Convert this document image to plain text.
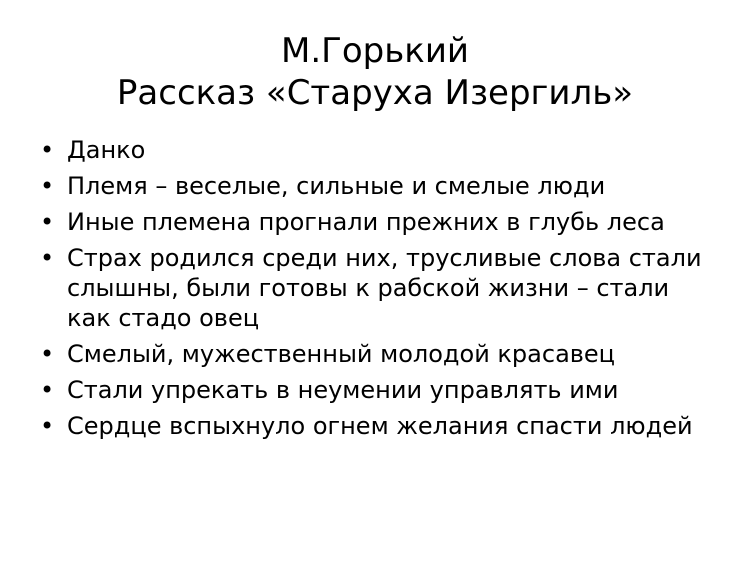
М.Горький
Рассказ «Старуха Изергиль»
• Данко
• Племя – веселые, сильные и смелые люди
• Иные племена прогнали прежних в глубь леса
• Страх родился среди них, трусливые слова стали слышны, были готовы к рабской жизни – стали как стадо овец
• Смелый, мужественный молодой красавец
• Стали упрекать в неумении управлять ими
• Сердце вспыхнуло огнем желания спасти людей
